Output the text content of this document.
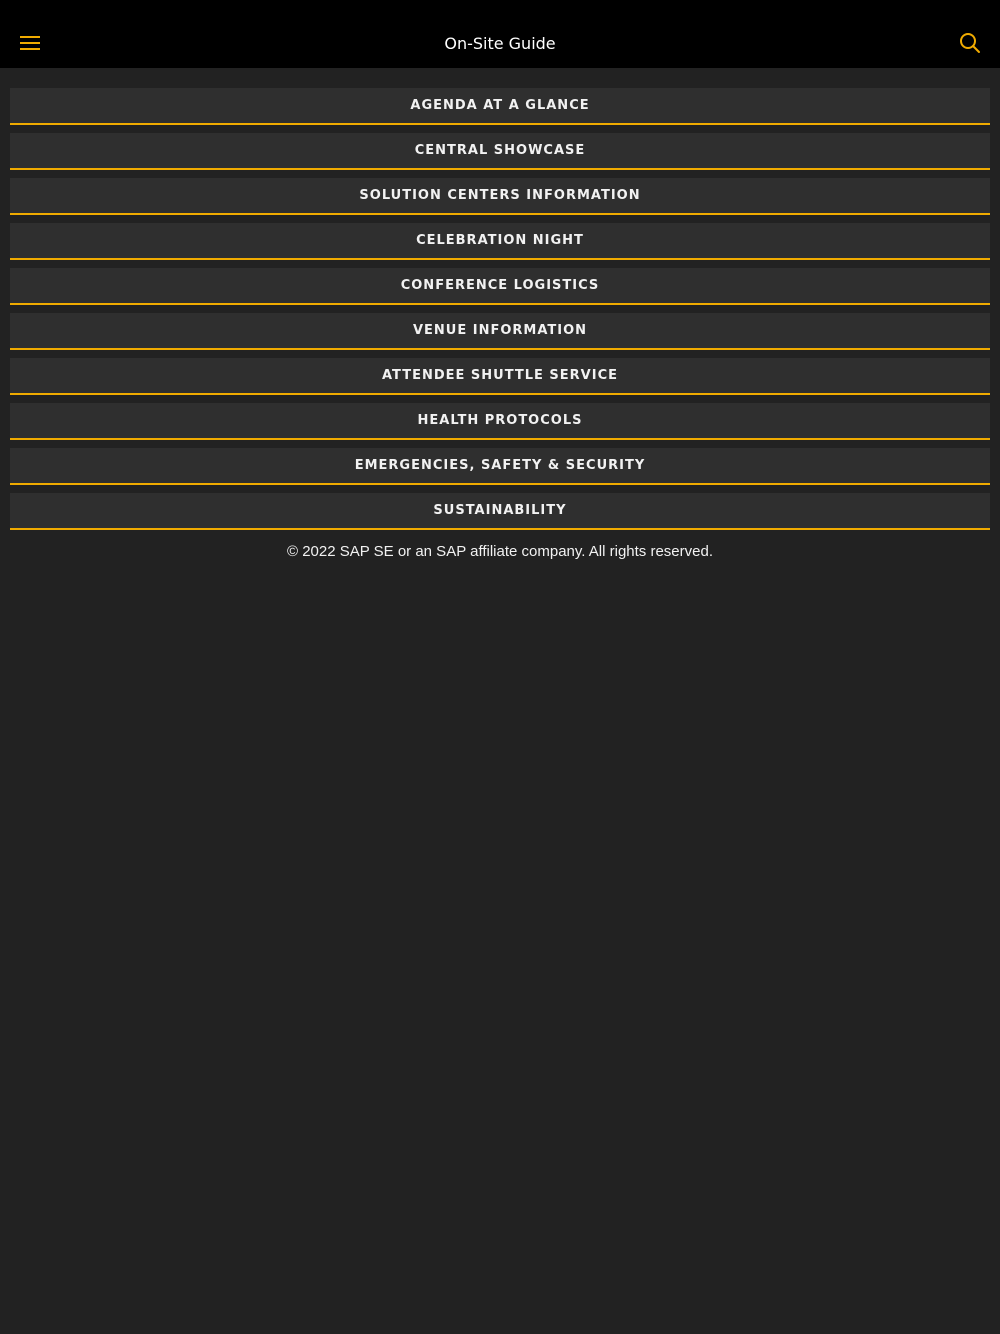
On-Site Guide
AGENDA AT A GLANCE
CENTRAL SHOWCASE
SOLUTION CENTERS INFORMATION
CELEBRATION NIGHT
CONFERENCE LOGISTICS
VENUE INFORMATION
ATTENDEE SHUTTLE SERVICE
HEALTH PROTOCOLS
EMERGENCIES, SAFETY & SECURITY
SUSTAINABILITY
© 2022 SAP SE or an SAP affiliate company. All rights reserved.
